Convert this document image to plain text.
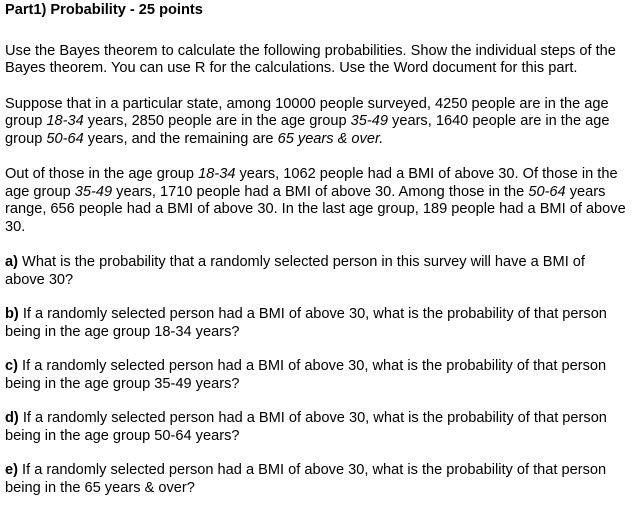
Part1) Probability - 25 points

Use the Bayes theorem to calculate the following probabilities. Show the individual steps of the Bayes theorem. You can use R for the calculations. Use the Word document for this part.

Suppose that in a particular state, among 10000 people surveyed, 4250 people are in the age group 18-34 years, 2850 people are in the age group 35-49 years, 1640 people are in the age group 50-64 years, and the remaining are 65 years & over.

Out of those in the age group 18-34 years, 1062 people had a BMI of above 30. Of those in the age group 35-49 years, 1710 people had a BMI of above 30. Among those in the 50-64 years range, 656 people had a BMI of above 30. In the last age group, 189 people had a BMI of above 30.

a) What is the probability that a randomly selected person in this survey will have a BMI of above 30?

b) If a randomly selected person had a BMI of above 30, what is the probability of that person being in the age group 18-34 years?

c) If a randomly selected person had a BMI of above 30, what is the probability of that person being in the age group 35-49 years?

d) If a randomly selected person had a BMI of above 30, what is the probability of that person being in the age group 50-64 years?

e) If a randomly selected person had a BMI of above 30, what is the probability of that person being in the 65 years & over?
